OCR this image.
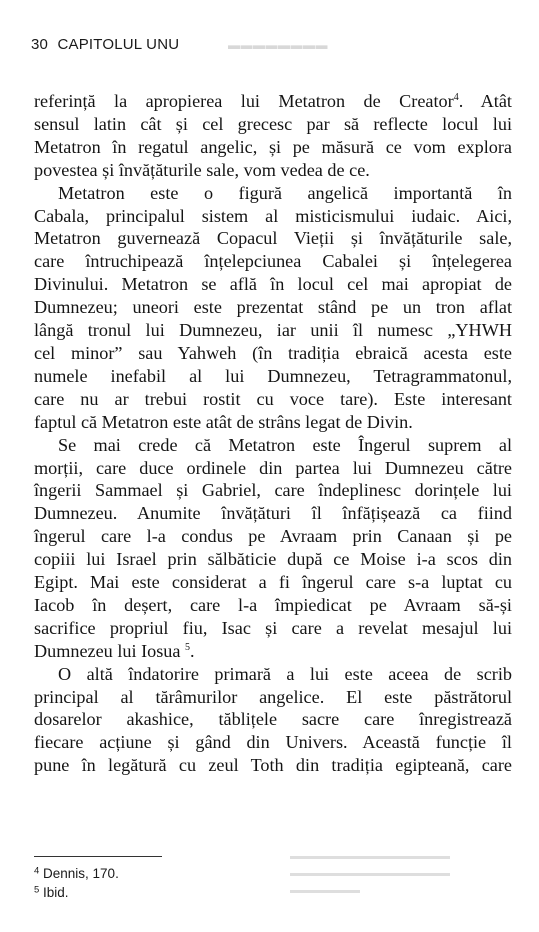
30 CAPITOLUL UNU	▬▬▬▬▬▬▬▬

referință la apropierea lui Metatron de Creator$^4$. Atât

sensul latin cât și cel grecesc par să reflecte locul lui

Metatron în regatul angelic, și pe măsură ce vom explora

povestea și învățăturile sale, vom vedea de ce.

Metatron este o figură angelică importantă în

Cabala, principalul sistem al misticismului iudaic. Aici,

Metatron guvernează Copacul Vieții și învățăturile sale,

care întruchipează înțelepciunea Cabalei și înțelegerea

Divinului. Metatron se află în locul cel mai apropiat de

Dumnezeu; uneori este prezentat stând pe un tron aflat

lângă tronul lui Dumnezeu, iar unii îl numesc „YHWH

cel minor” sau Yahweh (în tradiția ebraică acesta este

numele inefabil al lui Dumnezeu, Tetragrammatonul,

care nu ar trebui rostit cu voce tare). Este interesant

faptul că Metatron este atât de strâns legat de Divin.

Se mai crede că Metatron este Îngerul suprem al

morții, care duce ordinele din partea lui Dumnezeu către

îngerii Sammael și Gabriel, care îndeplinesc dorințele lui

Dumnezeu. Anumite învățături îl înfățișează ca fiind

îngerul care l-a condus pe Avraam prin Canaan și pe

copiii lui Israel prin sălbăticie după ce Moise i-a scos din

Egipt. Mai este considerat a fi îngerul care s-a luptat cu

Iacob în deșert, care l-a împiedicat pe Avraam să-și

sacrifice propriul fiu, Isac și care a revelat mesajul lui

Dumnezeu lui Iosua $^5$.

O altă îndatorire primară a lui este aceea de scrib

principal al tărâmurilor angelice. El este păstrătorul

dosarelor akashice, tăblițele sacre care înregistrează

fiecare acțiune și gând din Univers. Această funcție îl

pune în legătură cu zeul Toth din tradiția egipteană, care

▬▬▬▬▬▬▬▬▬▬▬▬▬▬▬▬
▬▬▬▬▬▬▬▬▬▬▬▬▬▬▬▬
▬▬▬▬▬▬▬
$^4$ Dennis, 170.
$^5$ Ibid.
